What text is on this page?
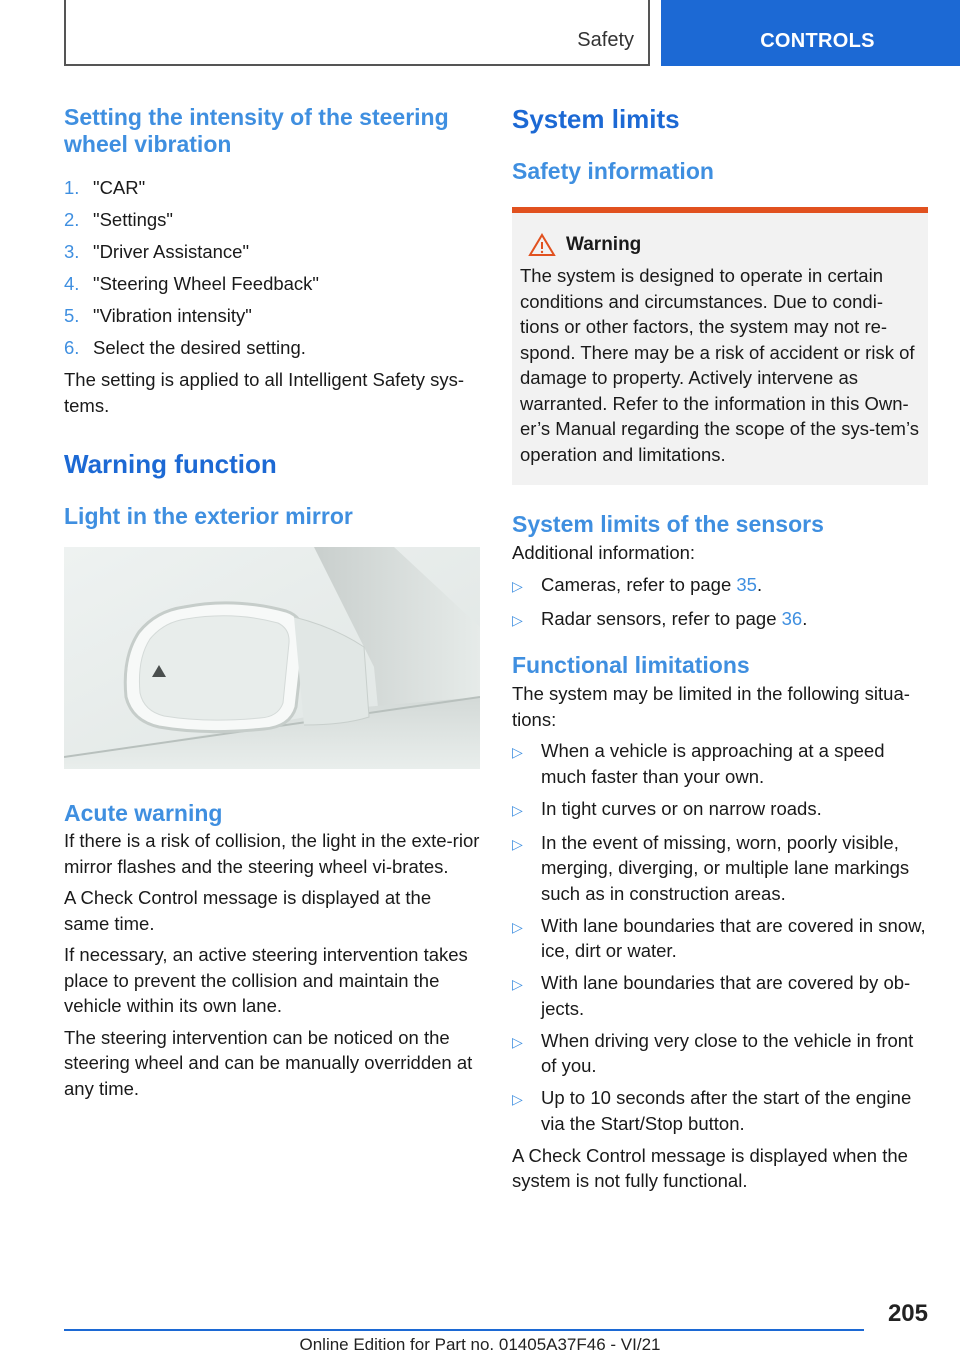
Safety	CONTROLS
Setting the intensity of the steering wheel vibration
1. "CAR"
2. "Settings"
3. "Driver Assistance"
4. "Steering Wheel Feedback"
5. "Vibration intensity"
6. Select the desired setting.

The setting is applied to all Intelligent Safety sys-tems.

Warning function
Light in the exterior mirror
Acute warning

If there is a risk of collision, the light in the exte-rior mirror flashes and the steering wheel vi-brates.

A Check Control message is displayed at the same time.

If necessary, an active steering intervention takes place to prevent the collision and maintain the vehicle within its own lane.

The steering intervention can be noticed on the steering wheel and can be manually overridden at any time.

System limits
Safety information
Warning

The system is designed to operate in certain conditions and circumstances. Due to condi-tions or other factors, the system may not re-spond. There may be a risk of accident or risk of damage to property. Actively intervene as warranted. Refer to the information in this Own-er’s Manual regarding the scope of the sys-tem’s operation and limitations.

System limits of the sensors

Additional information:

▷ Cameras, refer to page 35.
▷ Radar sensors, refer to page 36.
Functional limitations

The system may be limited in the following situa-tions:

▷ When a vehicle is approaching at a speed much faster than your own.
▷ In tight curves or on narrow roads.
▷ In the event of missing, worn, poorly visible, merging, diverging, or multiple lane markings such as in construction areas.
▷ With lane boundaries that are covered in snow, ice, dirt or water.
▷ With lane boundaries that are covered by ob-jects.
▷ When driving very close to the vehicle in front of you.
▷ Up to 10 seconds after the start of the engine via the Start/Stop button.

A Check Control message is displayed when the system is not fully functional.

205
Online Edition for Part no. 01405A37F46 - VI/21
